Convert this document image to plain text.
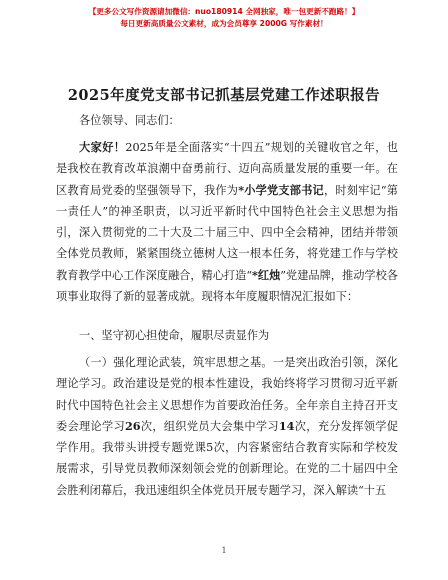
【更多公文写作资源请加微信：nuo180914 全网独家，唯一包更新不跑路！】
每日更新高质量公文素材，成为会员尊享 2000G 写作素材！
2025年度党支部书记抓基层党建工作述职报告
各位领导、同志们：
大家好！2025年是全面落实“十四五”规划的关键收官之年，也是我校在教育改革浪潮中奋勇前行、迈向高质量发展的重要一年。在区教育局党委的坚强领导下，我作为*小学党支部书记，时刻牢记“第一责任人”的神圣职责，以习近平新时代中国特色社会主义思想为指引，深入贯彻党的二十大及二十届三中、四中全会精神，团结并带领全体党员教师，紧紧围绕立德树人这一根本任务，将党建工作与学校教育教学中心工作深度融合，精心打造“*红烛”党建品牌，推动学校各项事业取得了新的显著成就。现将本年度履职情况汇报如下：
一、坚守初心担使命，履职尽责显作为
（一）强化理论武装，筑牢思想之基。一是突出政治引领，深化理论学习。政治建设是党的根本性建设，我始终将学习贯彻习近平新时代中国特色社会主义思想作为首要政治任务。全年亲自主持召开支委会理论学习26次，组织党员大会集中学习14次，充分发挥领学促学作用。我带头讲授专题党课5次，内容紧密结合教育实际和学校发展需求，引导党员教师深刻领会党的创新理论。在党的二十届四中全会胜利闭幕后，我迅速组织全体党员开展专题学习，深入解读“十五
1
